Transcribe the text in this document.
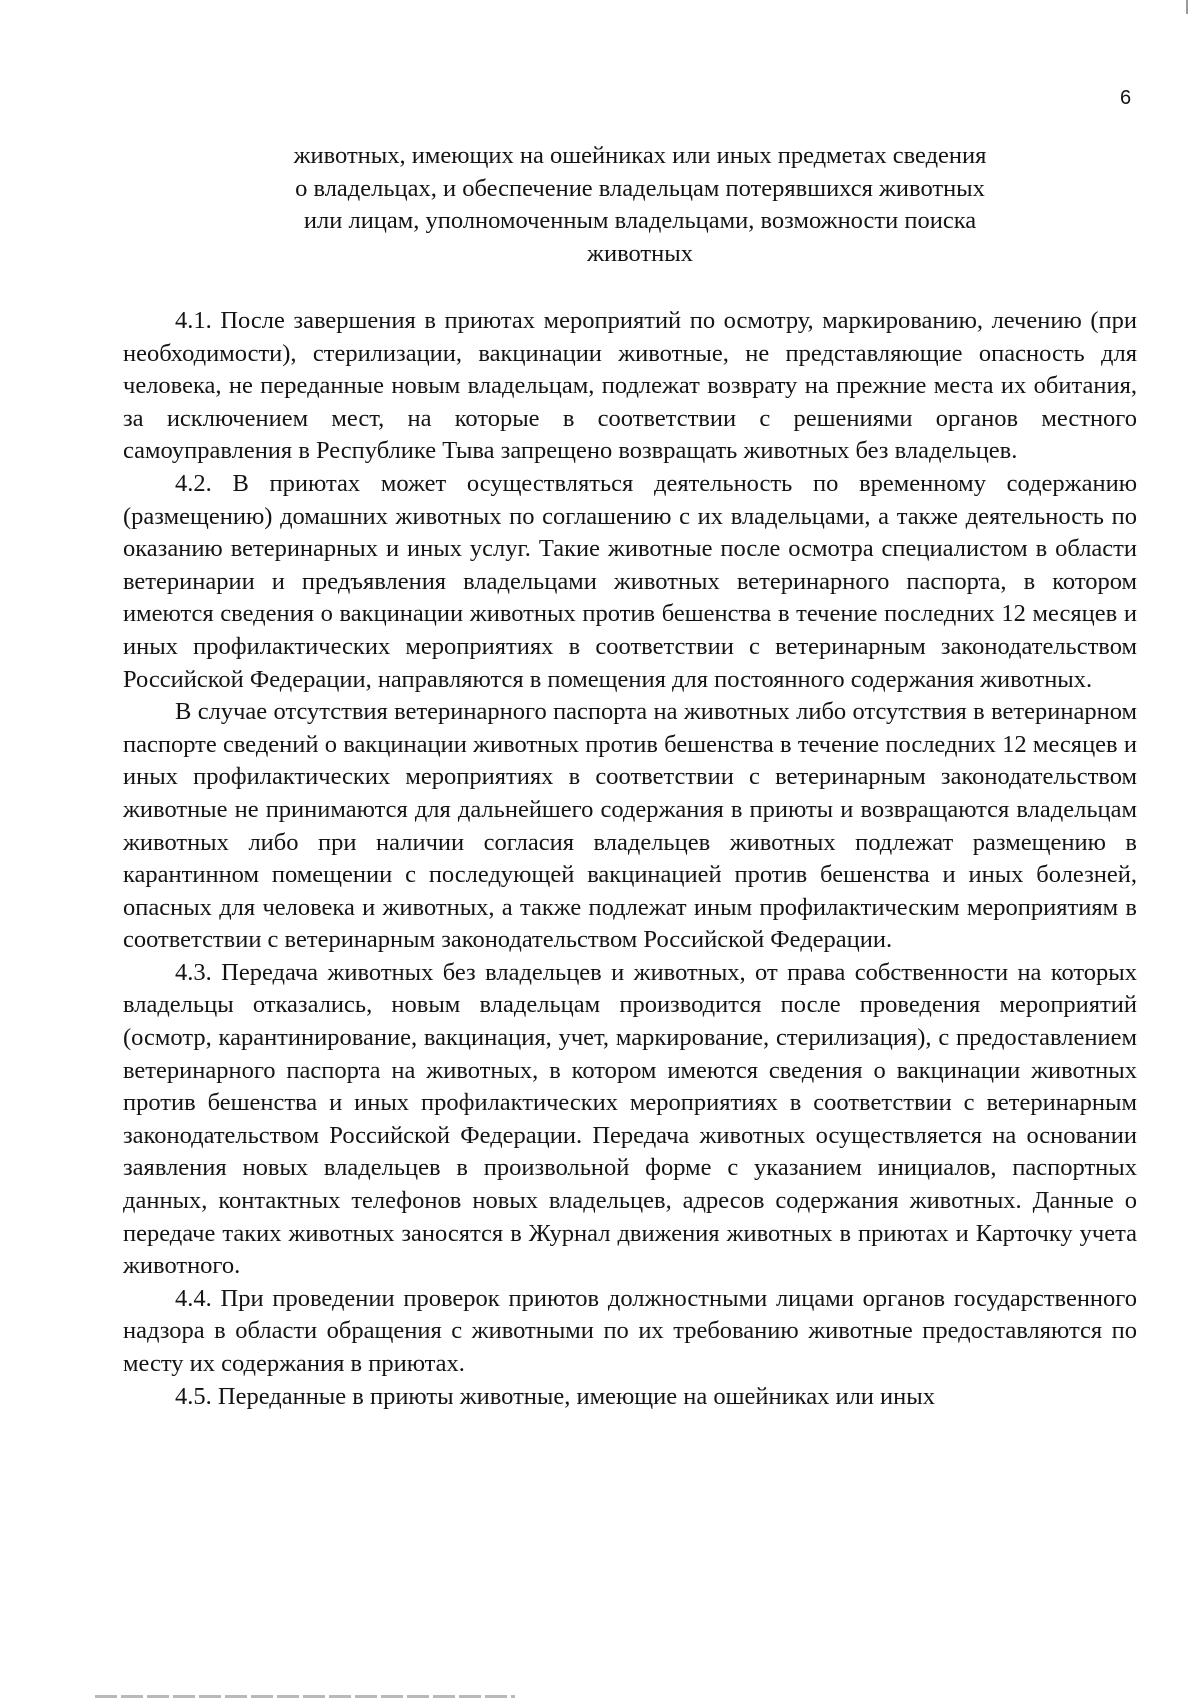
6
животных, имеющих на ошейниках или иных предметах сведения
о владельцах, и обеспечение владельцам потерявшихся животных
или лицам, уполномоченным владельцами, возможности поиска
животных

4.1. После завершения в приютах мероприятий по осмотру, маркированию, лечению (при необходимости), стерилизации, вакцинации животные, не представляющие опасность для человека, не переданные новым владельцам, подлежат возврату на прежние места их обитания, за исключением мест, на которые в соответствии с решениями органов местного самоуправления в Республике Тыва запрещено возвращать животных без владельцев.

4.2. В приютах может осуществляться деятельность по временному содержанию (размещению) домашних животных по соглашению с их владельцами, а также деятельность по оказанию ветеринарных и иных услуг. Такие животные после осмотра специалистом в области ветеринарии и предъявления владельцами животных ветеринарного паспорта, в котором имеются сведения о вакцинации животных против бешенства в течение последних 12 месяцев и иных профилактических мероприятиях в соответствии с ветеринарным законодательством Российской Федерации, направляются в помещения для постоянного содержания животных.

В случае отсутствия ветеринарного паспорта на животных либо отсутствия в ветеринарном паспорте сведений о вакцинации животных против бешенства в течение последних 12 месяцев и иных профилактических мероприятиях в соответствии с ветеринарным законодательством животные не принимаются для дальнейшего содержания в приюты и возвращаются владельцам животных либо при наличии согласия владельцев животных подлежат размещению в карантинном помещении с последующей вакцинацией против бешенства и иных болезней, опасных для человека и животных, а также подлежат иным профилактическим мероприятиям в соответствии с ветеринарным законодательством Российской Федерации.

4.3. Передача животных без владельцев и животных, от права собственности на которых владельцы отказались, новым владельцам производится после проведения мероприятий (осмотр, карантинирование, вакцинация, учет, маркирование, стерилизация), с предоставлением ветеринарного паспорта на животных, в котором имеются сведения о вакцинации животных против бешенства и иных профилактических мероприятиях в соответствии с ветеринарным законодательством Российской Федерации. Передача животных осуществляется на основании заявления новых владельцев в произвольной форме с указанием инициалов, паспортных данных, контактных телефонов новых владельцев, адресов содержания животных. Данные о передаче таких животных заносятся в Журнал движения животных в приютах и Карточку учета животного.

4.4. При проведении проверок приютов должностными лицами органов государственного надзора в области обращения с животными по их требованию животные предоставляются по месту их содержания в приютах.

4.5. Переданные в приюты животные, имеющие на ошейниках или иных
